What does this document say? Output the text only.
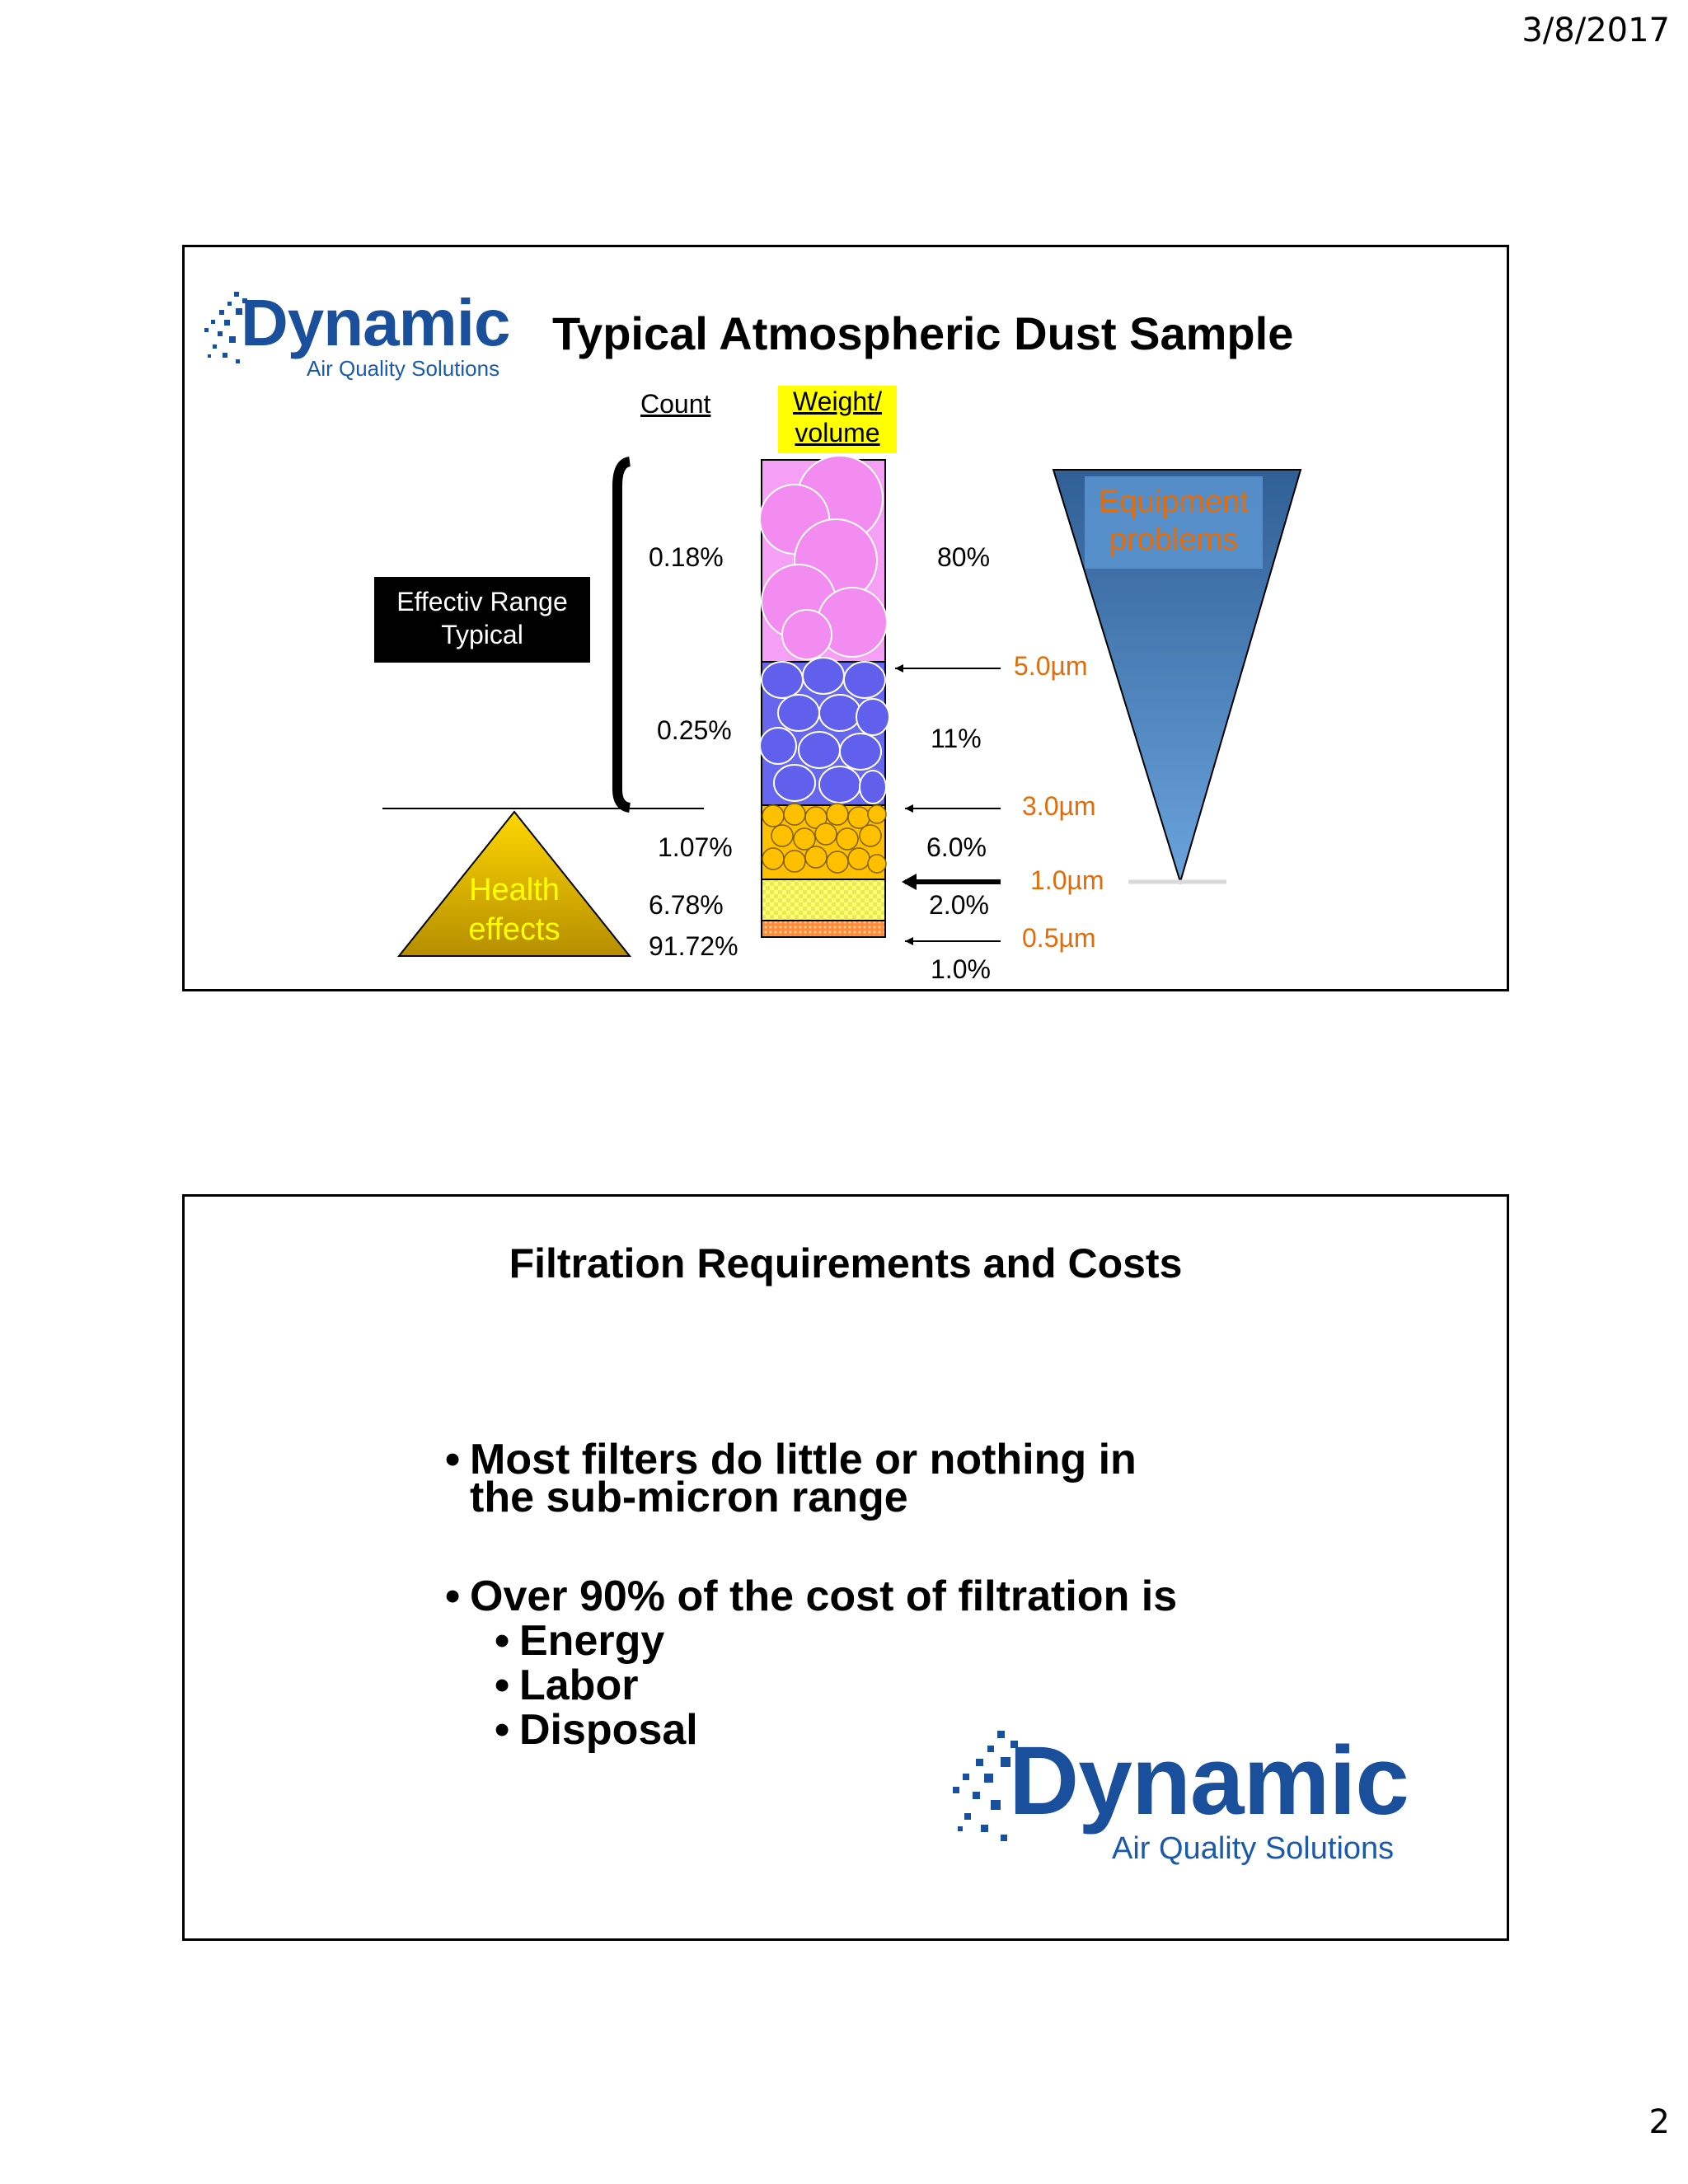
3/8/2017
Dynamic
Air Quality Solutions
Typical Atmospheric Dust Sample
Count	Weight/
volume
Effectiv Range
Typical
0.18%
0.25%
1.07%
6.78%
91.72%
80%
11%
6.0%
2.0%
1.0%
5.0µm
3.0µm
1.0µm
0.5µm
Equipment
problems
Health
effects
Filtration Requirements and Costs
• Most filters do little or nothing in
the sub-micron range
• Over 90% of the cost of filtration is
• Energy
• Labor
• Disposal	Dynamic
Air Quality Solutions
2
